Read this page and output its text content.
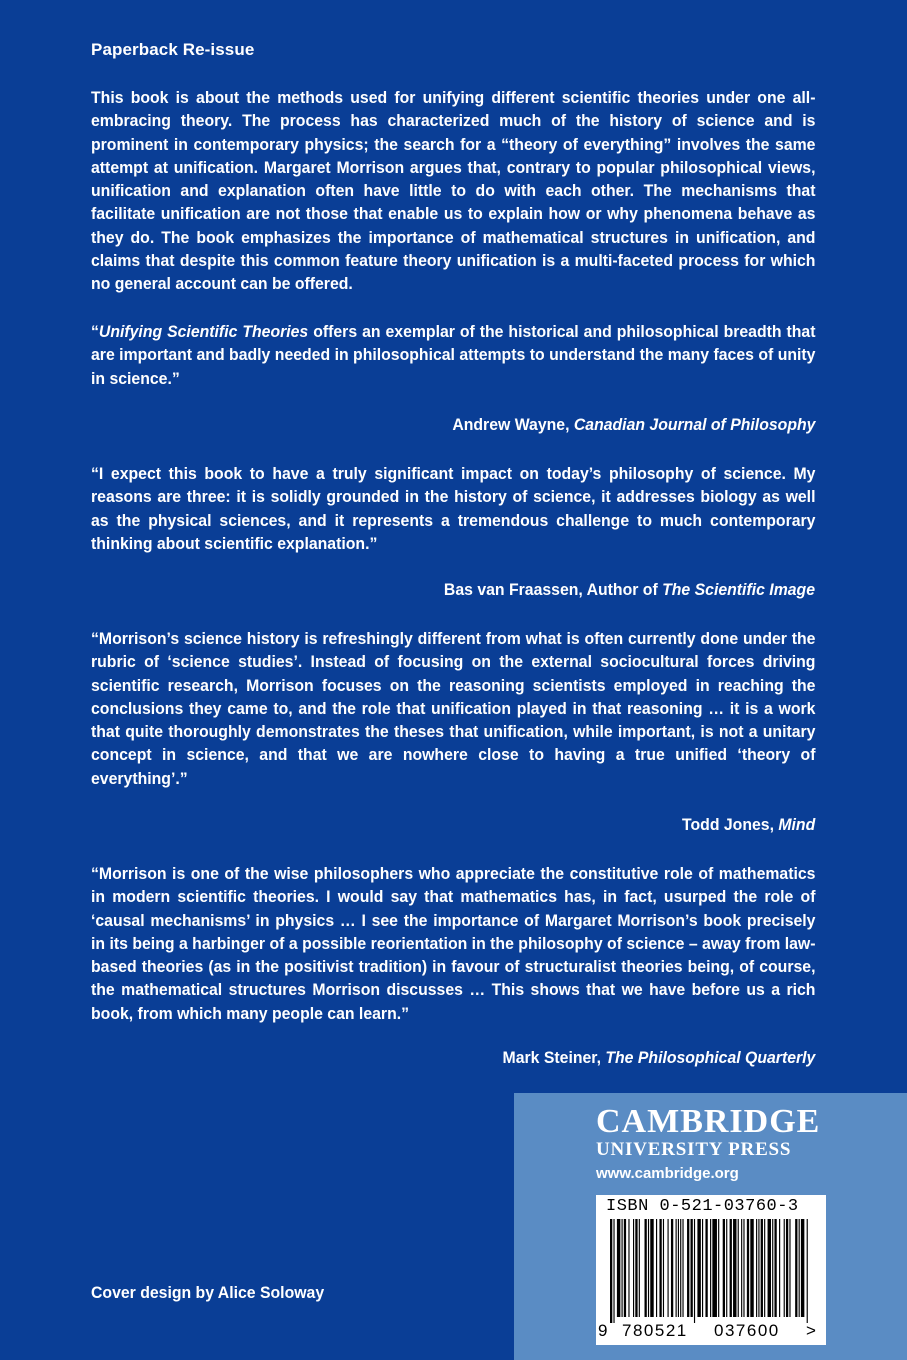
Paperback Re-issue
This book is about the methods used for unifying different scientific theories under one all-embracing theory. The process has characterized much of the history of science and is prominent in contemporary physics; the search for a “theory of everything” involves the same attempt at unification. Margaret Morrison argues that, contrary to popular philosophical views, unification and explanation often have little to do with each other. The mechanisms that facilitate unification are not those that enable us to explain how or why phenomena behave as they do. The book emphasizes the importance of mathematical structures in unification, and claims that despite this common feature theory unification is a multi-faceted process for which no general account can be offered.
“Unifying Scientific Theories offers an exemplar of the historical and philosophical breadth that are important and badly needed in philosophical attempts to understand the many faces of unity in science.”
Andrew Wayne, Canadian Journal of Philosophy
“I expect this book to have a truly significant impact on today’s philosophy of science. My reasons are three: it is solidly grounded in the history of science, it addresses biology as well as the physical sciences, and it represents a tremendous challenge to much contemporary thinking about scientific explanation.”
Bas van Fraassen, Author of The Scientific Image
“Morrison’s science history is refreshingly different from what is often currently done under the rubric of ‘science studies’. Instead of focusing on the external sociocultural forces driving scientific research, Morrison focuses on the reasoning scientists employed in reaching the conclusions they came to, and the role that unification played in that reasoning … it is a work that quite thoroughly demonstrates the theses that unification, while important, is not a unitary concept in science, and that we are nowhere close to having a true unified ‘theory of everything’.”
Todd Jones, Mind
“Morrison is one of the wise philosophers who appreciate the constitutive role of mathematics in modern scientific theories. I would say that mathematics has, in fact, usurped the role of ‘causal mechanisms’ in physics … I see the importance of Margaret Morrison’s book precisely in its being a harbinger of a possible reorientation in the philosophy of science – away from law-based theories (as in the positivist tradition) in favour of structuralist theories being, of course, the mathematical structures Morrison discusses … This shows that we have before us a rich book, from which many people can learn.”
Mark Steiner, The Philosophical Quarterly
CAMBRIDGE
UNIVERSITY PRESS
www.cambridge.org
ISBN 0-521-03760-3
9 780521 037600 >
Cover design by Alice Soloway
